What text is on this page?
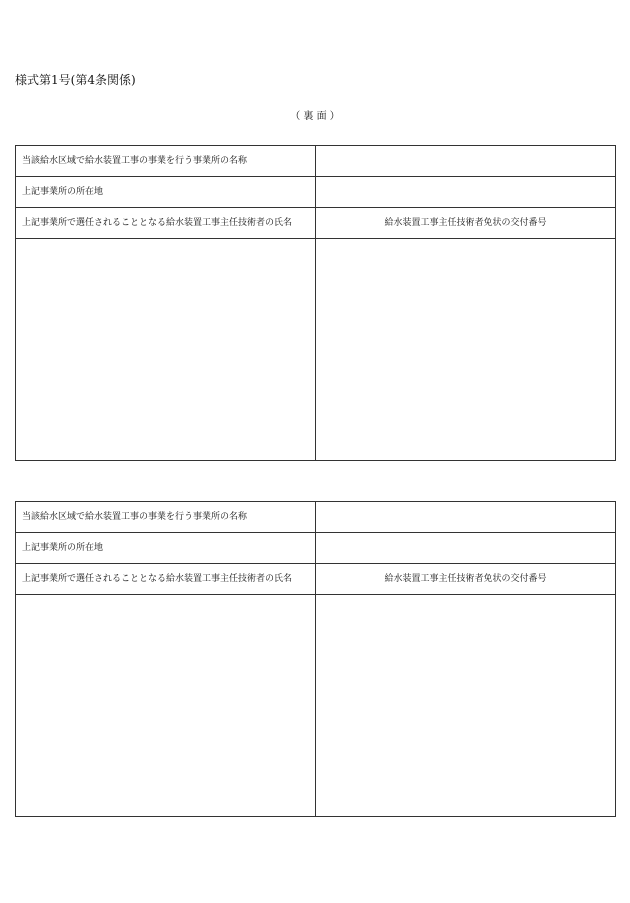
様式第1号(第4条関係)
（ 裏 面 ）
当該給水区域で給水装置工事の事業を行う事業所の名称	
上記事業所の所在地	
上記事業所で選任されることとなる給水装置工事主任技術者の氏名	給水装置工事主任技術者免状の交付番号

当該給水区域で給水装置工事の事業を行う事業所の名称	
上記事業所の所在地	
上記事業所で選任されることとなる給水装置工事主任技術者の氏名	給水装置工事主任技術者免状の交付番号
